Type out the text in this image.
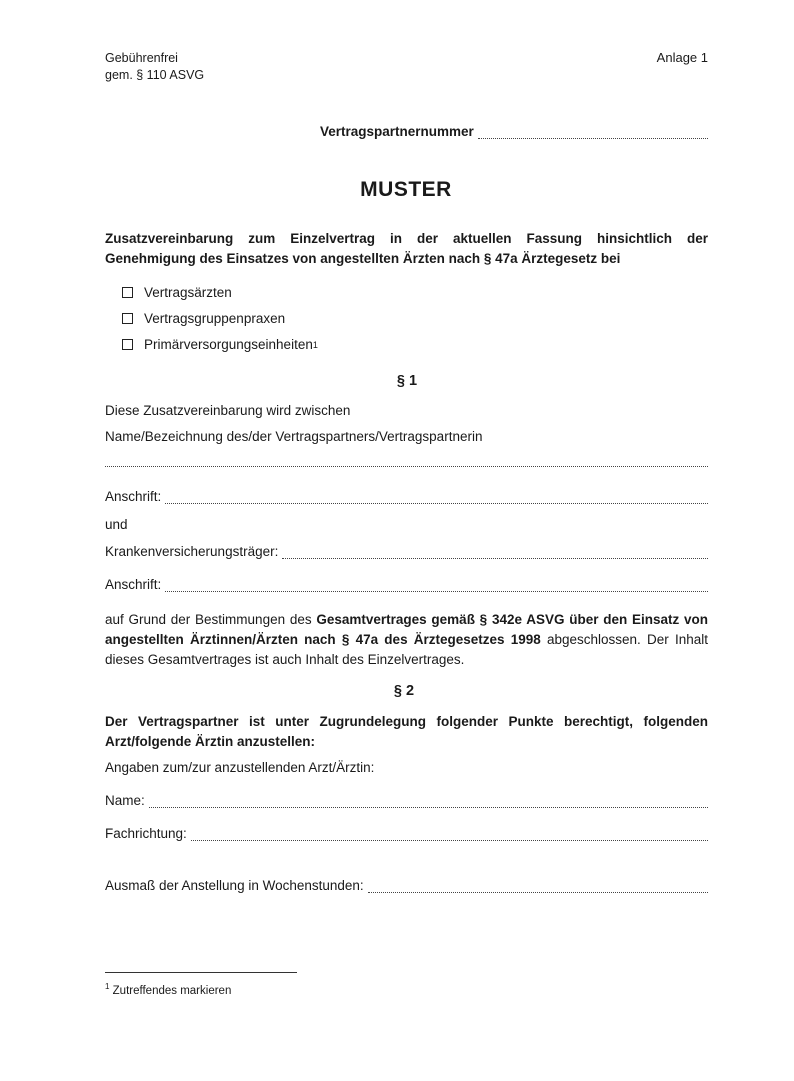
Gebührenfrei
gem. § 110 ASVG
Anlage 1
Vertragspartnernummer
MUSTER

Zusatzvereinbarung zum Einzelvertrag in der aktuellen Fassung hinsichtlich der Genehmigung des Einsatzes von angestellten Ärzten nach § 47a Ärztegesetz bei

Vertragsärzten
Vertragsgruppenpraxen
Primärversorgungseinheiten 1
§ 1
Diese Zusatzvereinbarung wird zwischen
Name/Bezeichnung des/der Vertragspartners/Vertragspartnerin
Anschrift:
und
Krankenversicherungsträger:
Anschrift:

auf Grund der Bestimmungen des Gesamtvertrages gemäß § 342e ASVG über den Einsatz von angestellten Ärztinnen/Ärzten nach § 47a des Ärztegesetzes 1998 abgeschlossen. Der Inhalt dieses Gesamtvertrages ist auch Inhalt des Einzelvertrages.

§ 2

Der Vertragspartner ist unter Zugrundelegung folgender Punkte berechtigt, folgenden Arzt/folgende Ärztin anzustellen:

Angaben zum/zur anzustellenden Arzt/Ärztin:
Name:
Fachrichtung:
Ausmaß der Anstellung in Wochenstunden:
$^1$ Zutreffendes markieren
